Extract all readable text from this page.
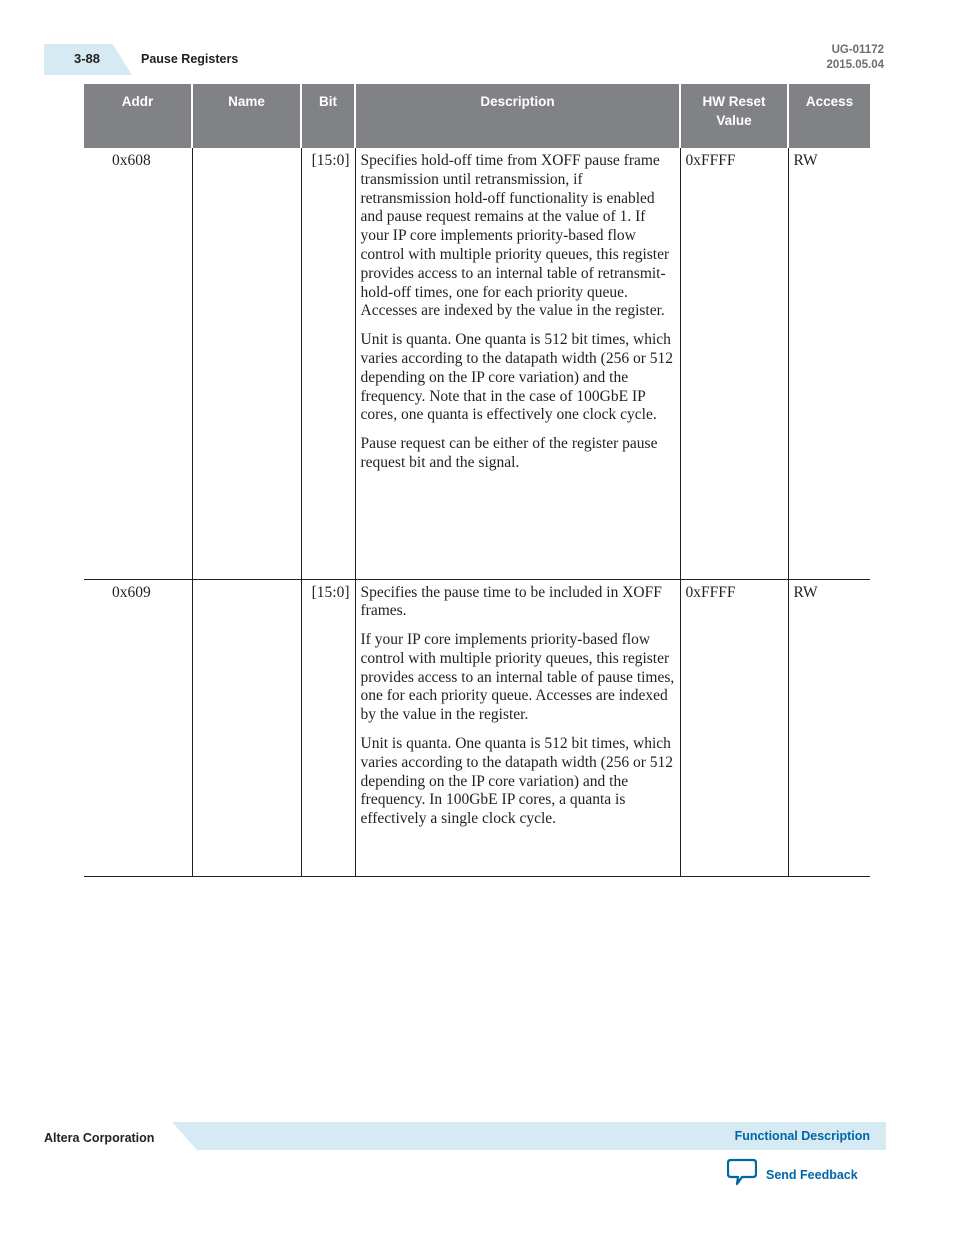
3-88	Pause Registers
UG-01172
2015.05.04
Addr	Name	Bit	Description	HW Reset Value	Access
0x608		[15:0]	Specifies hold-off time from XOFF pause frame transmission until retransmission, if retransmission hold-off functionality is enabled and pause request remains at the value of 1. If your IP core implements priority-based flow control with multiple priority queues, this register provides access to an internal table of retransmit-hold-off times, one for each priority queue. Accesses are indexed by the value in the register.

Unit is quanta. One quanta is 512 bit times, which varies according to the datapath width (256 or 512 depending on the IP core variation) and the frequency. Note that in the case of 100GbE IP cores, one quanta is effectively one clock cycle.

Pause request can be either of the register pause request bit and the signal.	0xFFFF	RW
0x609		[15:0]	Specifies the pause time to be included in XOFF frames.

If your IP core implements priority-based flow control with multiple priority queues, this register provides access to an internal table of pause times, one for each priority queue. Accesses are indexed by the value in the register.

Unit is quanta. One quanta is 512 bit times, which varies according to the datapath width (256 or 512 depending on the IP core variation) and the frequency. In 100GbE IP cores, a quanta is effectively a single clock cycle.	0xFFFF	RW
Altera Corporation	Functional Description
Send Feedback
